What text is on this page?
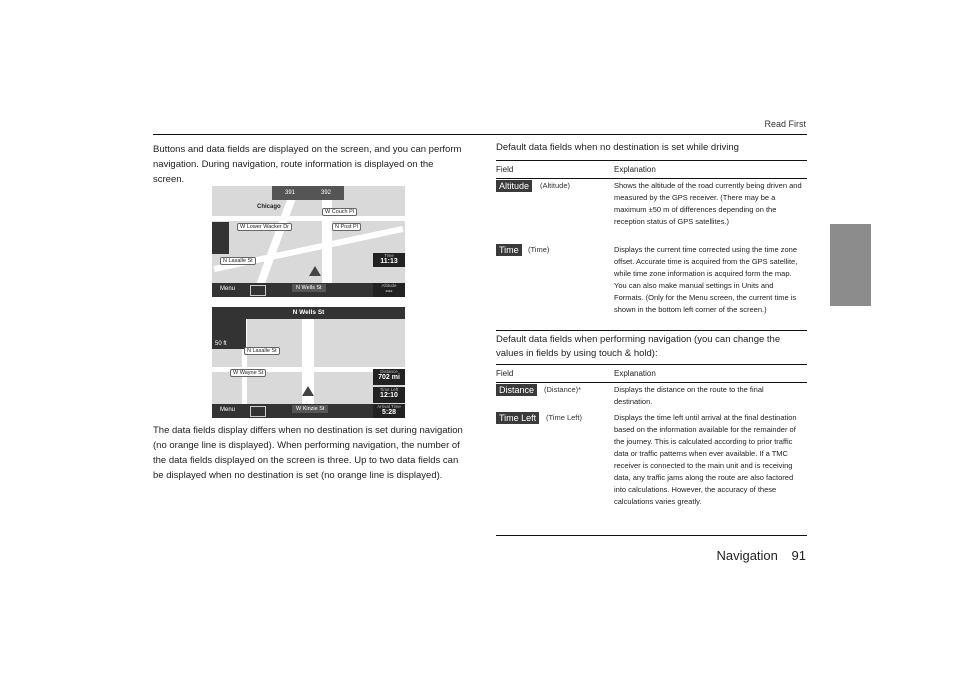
Read First
Buttons and data fields are displayed on the screen, and you can perform navigation. During navigation, route information is displayed on the screen.
391	392
Chicago
W Couch Pl
W Lower Wacker Dr	N Post Pl
N Lasalle St
Time
11:13
Menu	N Wells St	Altitude
---
N Wells St
50 ft
N Lasalle St
W Wayne St	Distance
702 mi
Time Left
12:10
Menu	W Kinzie St	Arrival Time
5:28
The data fields display differs when no destination is set during navigation (no orange line is displayed). When performing navigation, the number of the data fields displayed on the screen is three. Up to two data fields can be displayed when no destination is set (no orange line is displayed).
Default data fields when no destination is set while driving
Field	Explanation
Altitude	(Altitude)	Shows the altitude of the road currently being driven and measured by the GPS receiver. (There may be a maximum ±50 m of differences depending on the reception status of GPS satellites.)
Time	(Time)	Displays the current time corrected using the time zone offset. Accurate time is acquired from the GPS satellite, while time zone information is acquired form the map. You can also make manual settings in Units and Formats. (Only for the Menu screen, the current time is shown in the bottom left corner of the screen.)
Default data fields when performing navigation (you can change the values in fields by using touch & hold):
Field	Explanation
Distance	(Distance)*	Displays the distance on the route to the final destination.
Time Left	(Time Left)	Displays the time left until arrival at the final destination based on the information available for the remainder of the journey. This is calculated according to prior traffic data or traffic patterns when ever available. If a TMC receiver is connected to the main unit and is receiving data, any traffic jams along the route are also factored into calculations. However, the accuracy of these calculations varies greatly.
Navigation 91
